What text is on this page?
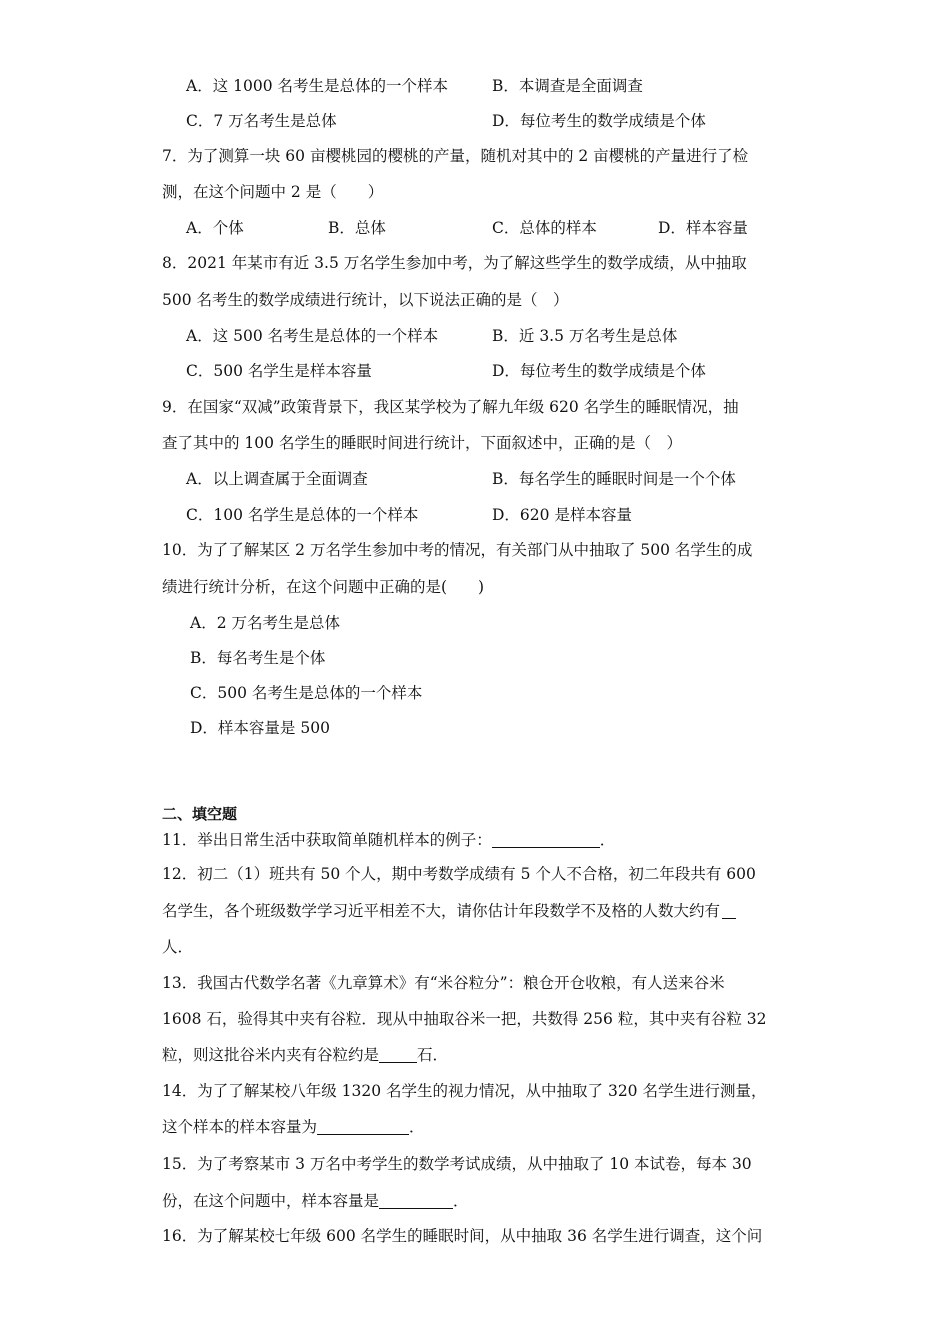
A．这 1000 名考生是总体的一个样本	B．本调查是全面调查
C．7 万名考生是总体	D．每位考生的数学成绩是个体
7．为了测算一块 60 亩樱桃园的樱桃的产量，随机对其中的 2 亩樱桃的产量进行了检
测，在这个问题中 2 是（　　）
A．个体	B．总体	C．总体的样本	D．样本容量
8．2021 年某市有近 3.5 万名学生参加中考，为了解这些学生的数学成绩，从中抽取
500 名考生的数学成绩进行统计，以下说法正确的是（　）
A．这 500 名考生是总体的一个样本	B．近 3.5 万名考生是总体
C．500 名学生是样本容量	D．每位考生的数学成绩是个体
9．在国家“双减”政策背景下，我区某学校为了解九年级 620 名学生的睡眠情况，抽
查了其中的 100 名学生的睡眠时间进行统计，下面叙述中，正确的是（　）
A．以上调查属于全面调查	B．每名学生的睡眠时间是一个个体
C．100 名学生是总体的一个样本	D．620 是样本容量
10．为了了解某区 2 万名学生参加中考的情况，有关部门从中抽取了 500 名学生的成
绩进行统计分析，在这个问题中正确的是(　　)
A．2 万名考生是总体
B．每名考生是个体
C．500 名考生是总体的一个样本
D．样本容量是 500
二、填空题
11．举出日常生活中获取简单随机样本的例子：	．
12．初二（1）班共有 50 个人，期中考数学成绩有 5 个人不合格，初二年段共有 600
名学生，各个班级数学学习近平相差不大，请你估计年段数学不及格的人数大约有
人．
13．我国古代数学名著《九章算术》有“米谷粒分”：粮仓开仓收粮，有人送来谷米
1608 石，验得其中夹有谷粒．现从中抽取谷米一把，共数得 256 粒，其中夹有谷粒 32
粒，则这批谷米内夹有谷粒约是 石．
14．为了了解某校八年级 1320 名学生的视力情况，从中抽取了 320 名学生进行测量，
这个样本的样本容量为	．
15．为了考察某市 3 万名中考学生的数学考试成绩，从中抽取了 10 本试卷，每本 30
份，在这个问题中，样本容量是	．
16．为了解某校七年级 600 名学生的睡眠时间，从中抽取 36 名学生进行调查，这个问
